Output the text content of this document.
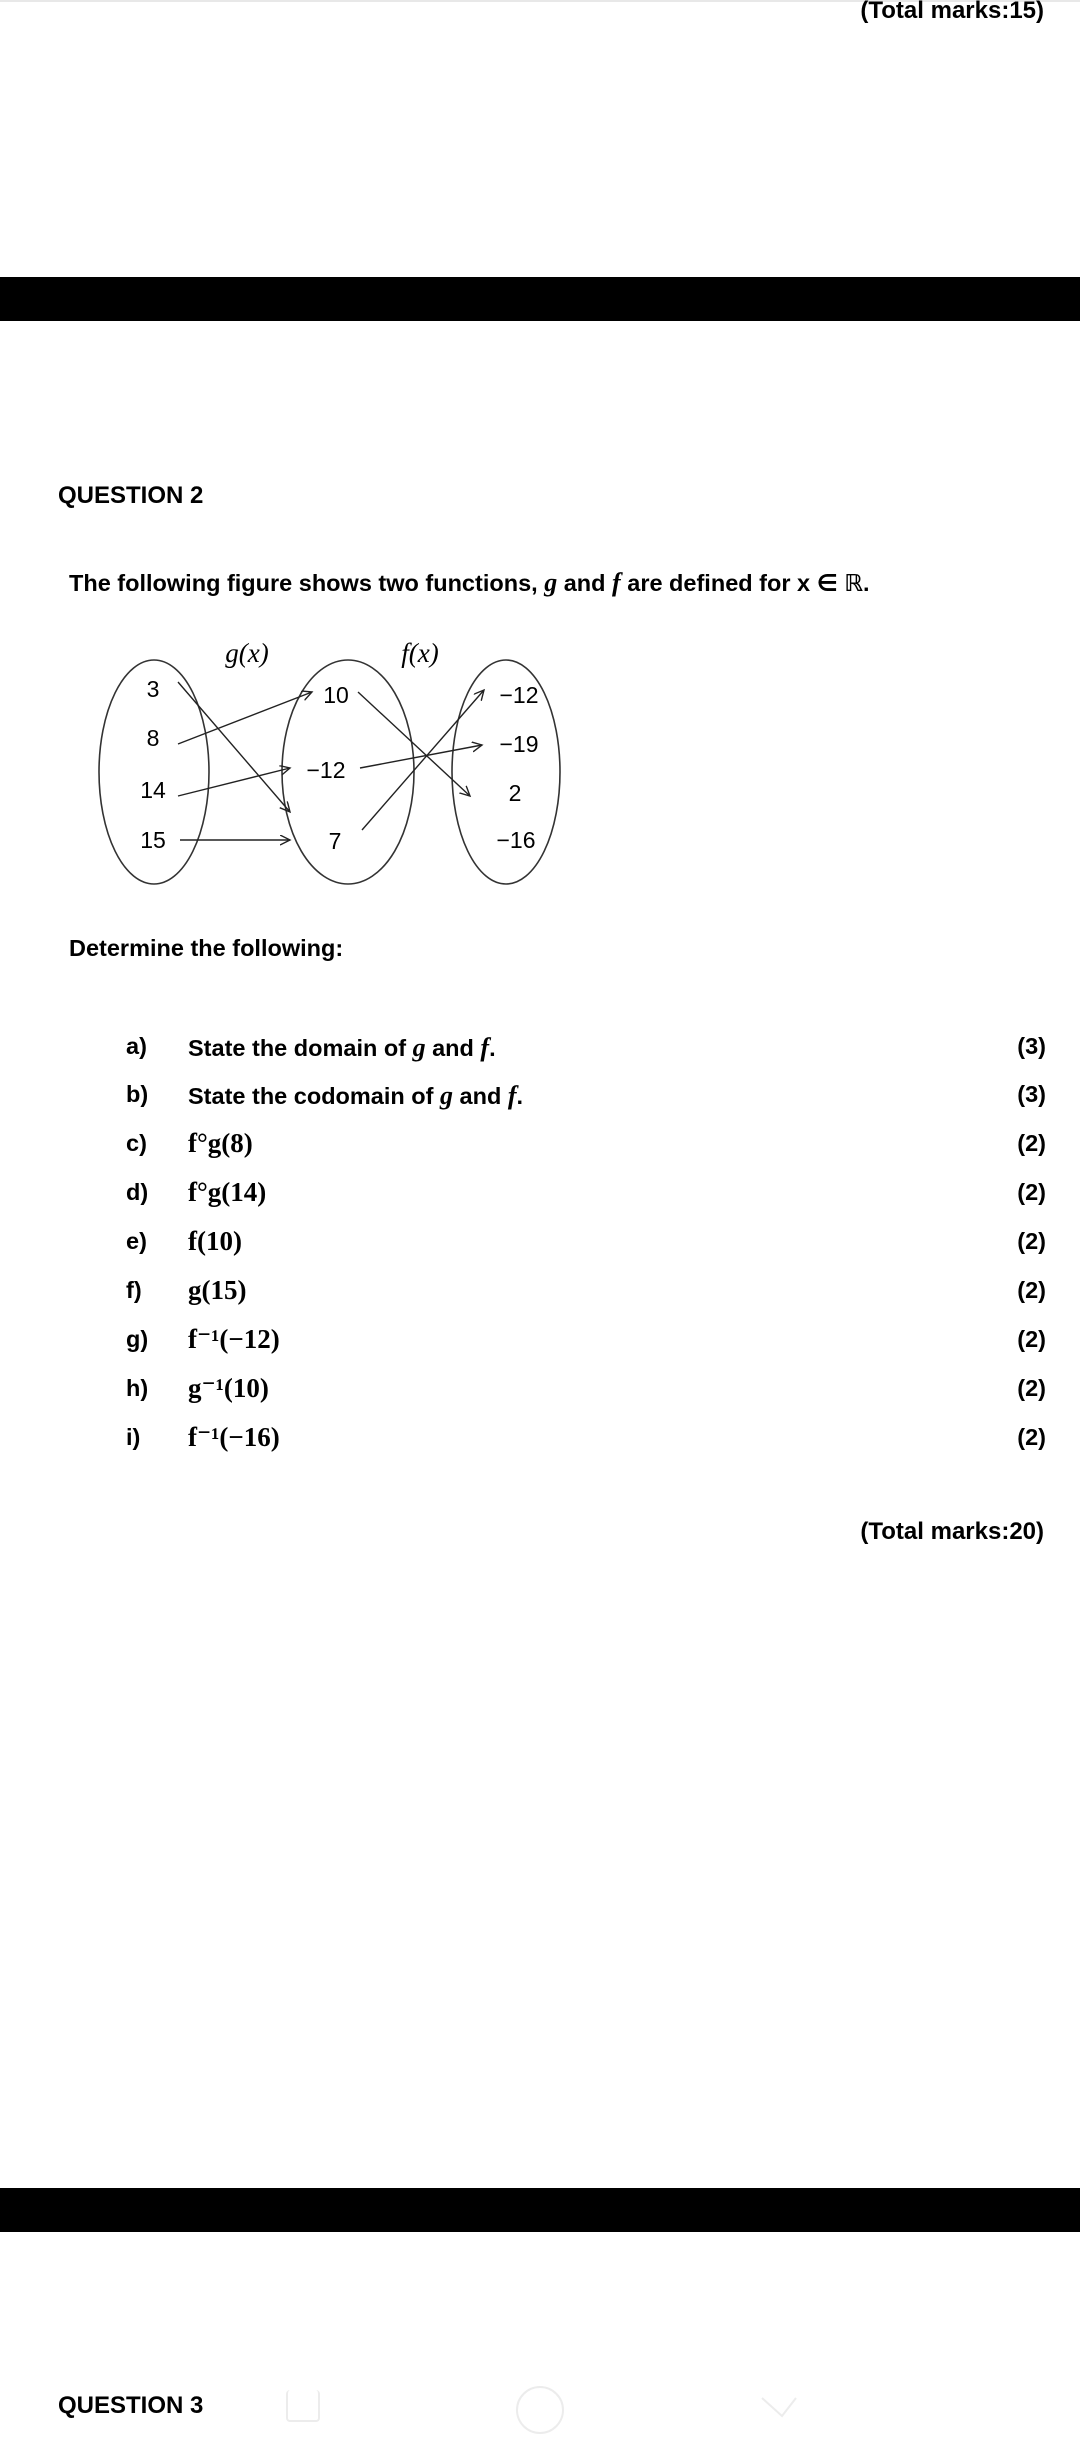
(Total marks:15)
QUESTION 2
The following figure shows two functions, g and f are defined for x ∈ ℝ.
g(x)	f(x)
3
8
14
15
10
−12
7
−12
−19
2
−16
Determine the following:
a) State the domain of g and f.	(3)
b) State the codomain of g and f.	(3)
c) f°g(8)	(2)
d) f°g(14)	(2)
e) f(10)	(2)
f) g(15)	(2)
g) f⁻¹(−12)	(2)
h) g⁻¹(10)	(2)
i) f⁻¹(−16)	(2)
(Total marks:20)
QUESTION 3
